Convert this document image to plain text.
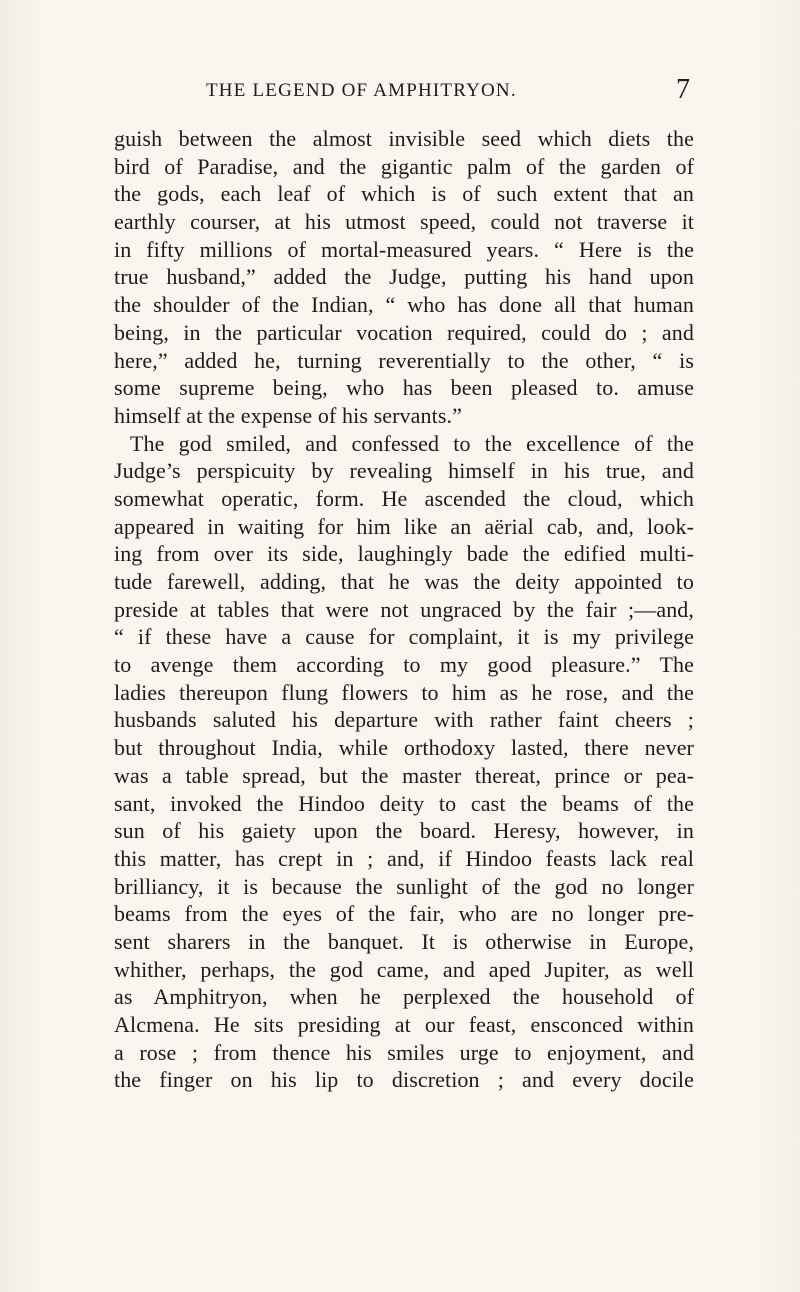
THE LEGEND OF AMPHITRYON.	7
guish between the almost invisible seed which diets the
bird of Paradise, and the gigantic palm of the garden of
the gods, each leaf of which is of such extent that an
earthly courser, at his utmost speed, could not traverse it
in fifty millions of mortal-measured years. “ Here is the
true husband,” added the Judge, putting his hand upon
the shoulder of the Indian, “ who has done all that human
being, in the particular vocation required, could do ; and
here,” added he, turning reverentially to the other, “ is
some supreme being, who has been pleased to. amuse
himself at the expense of his servants.”
The god smiled, and confessed to the excellence of the
Judge’s perspicuity by revealing himself in his true, and
somewhat operatic, form. He ascended the cloud, which
appeared in waiting for him like an aërial cab, and, look-
ing from over its side, laughingly bade the edified multi-
tude farewell, adding, that he was the deity appointed to
preside at tables that were not ungraced by the fair ;—and,
“ if these have a cause for complaint, it is my privilege
to avenge them according to my good pleasure.” The
ladies thereupon flung flowers to him as he rose, and the
husbands saluted his departure with rather faint cheers ;
but throughout India, while orthodoxy lasted, there never
was a table spread, but the master thereat, prince or pea-
sant, invoked the Hindoo deity to cast the beams of the
sun of his gaiety upon the board. Heresy, however, in
this matter, has crept in ; and, if Hindoo feasts lack real
brilliancy, it is because the sunlight of the god no longer
beams from the eyes of the fair, who are no longer pre-
sent sharers in the banquet. It is otherwise in Europe,
whither, perhaps, the god came, and aped Jupiter, as well
as Amphitryon, when he perplexed the household of
Alcmena. He sits presiding at our feast, ensconced within
a rose ; from thence his smiles urge to enjoyment, and
the finger on his lip to discretion ; and every docile
